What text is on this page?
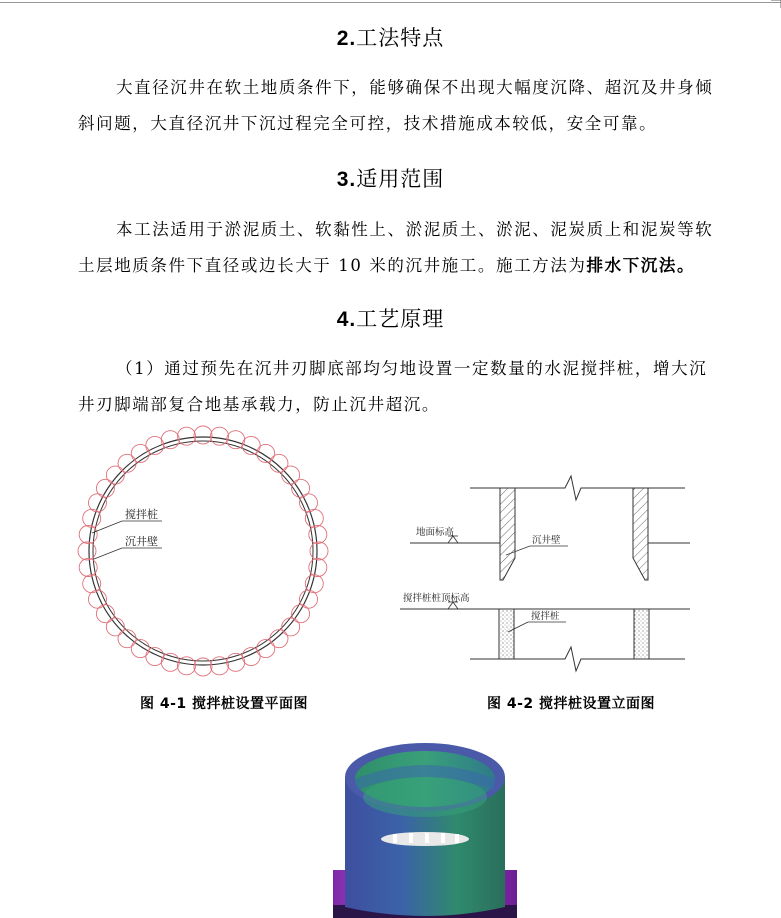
2.工法特点

大直径沉井在软土地质条件下，能够确保不出现大幅度沉降、超沉及井身倾
斜问题，大直径沉井下沉过程完全可控，技术措施成本较低，安全可靠。

3.适用范围

本工法适用于淤泥质土、软黏性上、淤泥质土、淤泥、泥炭质上和泥炭等软
土层地质条件下直径或边长大于 10 米的沉井施工。施工方法为排水下沉法。

4.工艺原理

（1）通过预先在沉井刃脚底部均匀地设置一定数量的水泥搅拌桩，增大沉
井刃脚端部复合地基承载力，防止沉井超沉。

搅拌桩
沉井壁
地面标高
沉井壁
搅拌桩桩顶标高
搅拌桩
图 4-1 搅拌桩设置平面图	图 4-2 搅拌桩设置立面图
